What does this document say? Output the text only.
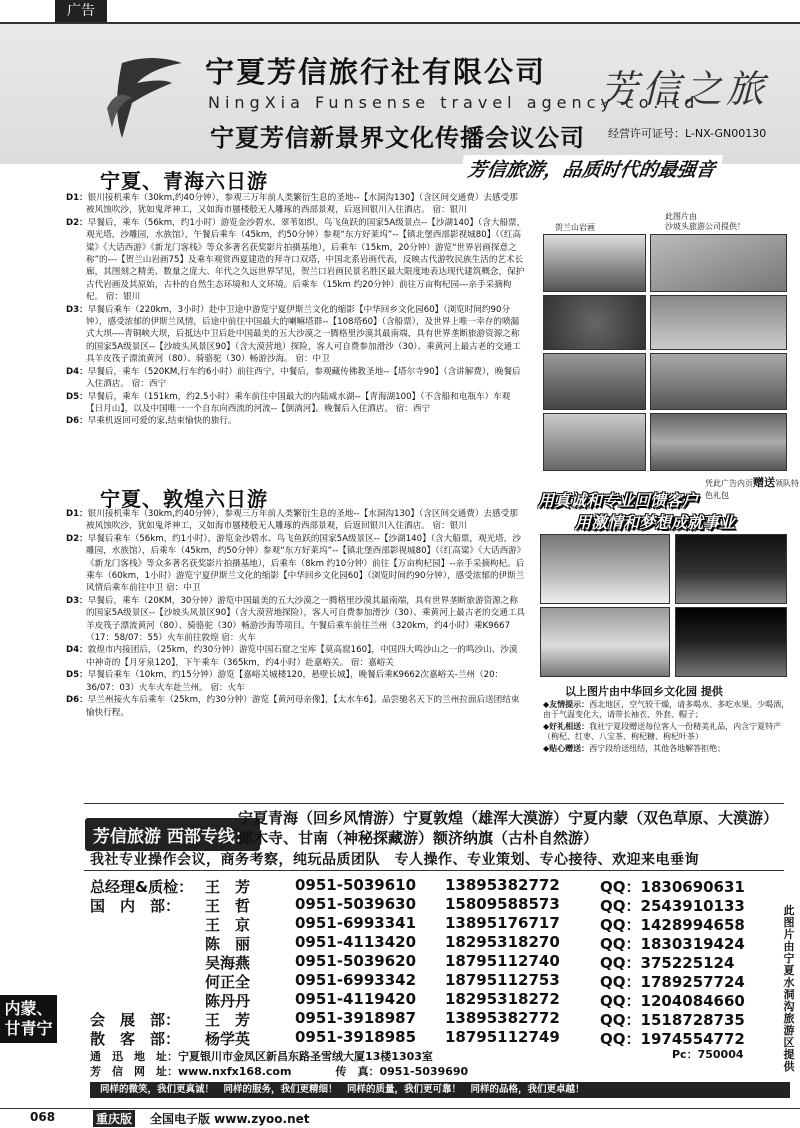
广告
宁夏芳信旅行社有限公司
NingXia Funsense travel agency co.ltd
宁夏芳信新景界文化传播会议公司
芳信之旅
经营许可证号：L-NX-GN00130
芳信旅游，品质时代的最强音
宁夏、青海六日游
D1：银川接机乘车（30km,约40分钟），参观三万年前人类繁衍生息的圣地--【水洞沟130】（含区间交通费）去感受那被风蚀吹沙，犹如鬼斧神工，又如海市蜃楼般无人雕琢的西部景观，后返回银川入住酒店。 宿：银川
D2：早餐后，乘车（56km，约1小时）游览金沙碧水、翠苇如织、鸟飞鱼跃的国家5A级景点--【沙湖140】（含大船票，观光塔，沙雕园，水族馆），午餐后乘车（45km，约50分钟）参观“东方好莱坞”--【镇北堡西部影视城80】（《红高粱》《大话西游》《新龙门客栈》等众多著名获奖影片拍摄基地），后乘车（15km，20分钟）游览“世界岩画探意之称”的---【贺兰山岩画75】及乘车观赏西夏建造的拜寺口双塔，中国北系岩画代表，反映古代游牧民族生活的艺术长廊，其图刻之精美、数量之庞大、年代之久远世界罕见，贺兰口岩画民景名胜区最大限度地表达现代建筑概念，保护古代岩画及其原始，古朴的自然生态环境和人文环境。后乘车（15km 约20分钟）前往万亩枸杞园---亲手采摘枸杞。 宿：银川
D3：早餐后乘车（220km，3小时）赴中卫途中游览宁夏伊斯兰文化的缩影【中华回乡文化园60】（浏览时间约90分钟），感受浓郁的伊斯兰风情，后途中前往中国最大的喇嘛塔群--【108塔60】（含船票），及世界上唯一幸存的喷漏式大坝----青铜峡大坝，后抵达中卫后赴中国最美的五大沙漠之一腾格里沙漠其最南端，具有世界垄断旅游资源之称的国家5A级景区--【沙坡头风景区90】（含大漠营地）探险，客人可自费参加滑沙（30）、乘黄河上最古老的交通工具羊皮筏子漂流黄河（80）、骑骆驼（30）畅游沙海。 宿：中卫
D4：早餐后，乘车（520KM,行车约6小时）前往西宁，中餐后，参观藏传佛教圣地--【塔尔寺90】（含讲解费），晚餐后入住酒店。 宿：西宁
D5：早餐后，乘车（151km，约2.5小时）乘车前往中国最大的内陆咸水湖--【青海湖100】（不含船和电瓶车）车观【日月山】，以及中国唯一一个自东向西流的河流--【倒淌河】。晚餐后入住酒店。 宿：西宁
D6：早乘机返回可爱的家,结束愉快的旅行。
宁夏、敦煌六日游
D1：银川接机乘车（30km,约40分钟），参观三万年前人类繁衍生息的圣地--【水洞沟130】（含区间交通费）去感受那被风蚀吹沙，犹如鬼斧神工，又如海市蜃楼般无人雕琢的西部景观，后返回银川入住酒店。 宿：银川
D2：早餐后乘车（56km，约1小时），游览金沙碧水、鸟飞鱼跃的国家5A级景区--【沙湖140】（含大船票，观光塔，沙雕园，水族馆），后乘车（45km，约50分钟）参观“东方好莱坞”--【镇北堡西部影视城80】（《红高粱》《大话西游》《新龙门客栈》等众多著名获奖影片拍摄基地），后乘车（8km 约10分钟）前往【万亩枸杞园】--亲手采摘枸杞。后乘车（60km，1小时）游览宁夏伊斯兰文化的缩影【中华回乡文化园60】（浏览时间约90分钟），感受浓郁的伊斯兰风情后乘车前往中卫 宿：中卫
D3：早餐后，乘车（20KM，30分钟）游览中国最美的五大沙漠之一腾格里沙漠其最南端，具有世界垄断旅游资源之称的国家5A级景区--【沙坡头风景区90】（含大漠营地探险），客人可自费参加滑沙（30）、乘黄河上最古老的交通工具羊皮筏子漂流黄河（80）、骑骆驼（30）畅游沙海等项目。午餐后乘车前往兰州（320km，约4小时）乘K9667（17：58/07：55）火车前往敦煌 宿：火车
D4：敦煌市内接团后，（25km，约30分钟）游览中国石窟之宝库【莫高窟160】，中国四大鸣沙山之一的鸣沙山、沙漠中神奇的【月牙泉120】，下午乘车（365km，约4小时）赴嘉峪关。 宿：嘉峪关
D5：早餐后乘车（10km，约15分钟）游览【嘉峪关城楼120，悬壁长城】，晚餐后乘K9662次嘉峪关-兰州（20：36/07：03）火车火车赴兰州。 宿：火车
D6：早兰州接火车后乘车（25km，约30分钟）游览【黄河母亲像】，【太水车6】。品尝驰名天下的兰州拉面后送团结束愉快行程。
贺兰山岩画
此图片由
沙坡头旅游公司提供！
凭此广告内页赠送领队特色礼包
用真诚和专业回馈客户
用激情和梦想成就事业
以上图片由中华回乡文化园 提供
◆友情提示：西北地区，空气较干燥，请多喝水、多吃水果、少喝酒，由于气温变化大，请带长袖衣、外套、帽子；
◆好礼相送：我社宁夏段赠送每位客人一份精美礼品，内含宁夏特产（枸杞、红枣、八宝茶、枸杞糖、枸杞叶茶）
◆贴心赠送：西宁段给送纽结，其他各地解答拒绝；
芳信旅游 西部专线：
宁夏青海（回乡风情游）宁夏敦煌（雄浑大漠游）宁夏内蒙（双色草原、大漠游）郎木寺、甘南（神秘探藏游）额济纳旗（古朴自然游）
我社专业操作会议，商务考察，纯玩品质团队　专人操作、专业策划、专心接待、欢迎来电垂询
总经理&质检： 王　芳	0951-5039610 13895382772	QQ：1830690631
国　内　部： 王　哲	0951-5039630 15809588573	QQ：2543910133
王　京	0951-6993341 13895176717	QQ：1428994658
陈　丽	0951-4113420 18295318270	QQ：1830319424
吴海燕	0951-5039620 18795112740	QQ：375225124
何正全	0951-6993342 18795112753	QQ：1789257724
陈丹丹	0951-4119420 18295318272	QQ：1204084660
会　展　部： 王　芳	0951-3918987 13895382772	QQ：1518728735
散　客　部： 杨学英	0951-3918985 18795112749	QQ：1974554772
通　迅　地　址：宁夏银川市金凤区新昌东路圣雪绒大厦13楼1303室	Pc：750004
芳　信　网　址：www.nxfx168.com　　　　传　真：0951-5039690
同样的微笑，我们更真诚！　同样的服务，我们更精细！　同样的质量，我们更可靠！　同样的品格，我们更卓越！
此图片由宁夏水洞沟旅游区提供
内蒙、甘青宁
068	重庆版 全国电子版 www.zyoo.net
